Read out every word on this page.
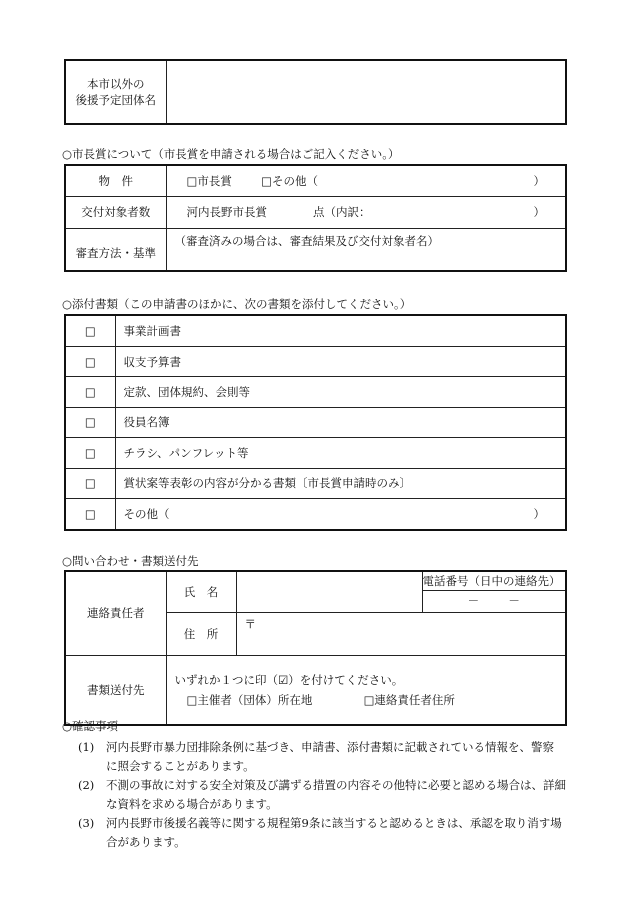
本市以外の
後援予定団体名

○市長賞について（市長賞を申請される場合はご記入ください。）
物　件	□市長賞 □その他（ ）

交付対象者数	河内長野市長賞　　　　点（内訳： ）

審査方法・基準	（審査済みの場合は、審査結果及び交付対象者名）
○添付書類（この申請書のほかに、次の書類を添付してください。）
□	事業計画書
□	収支予算書
□	定款、団体規約、会則等
□	役員名簿
□	チラシ、パンフレット等
□	賞状案等表彰の内容が分かる書類〔市長賞申請時のみ〕
□	その他（ ）
○問い合わせ・書類送付先
連絡責任者	氏　名		電話番号（日中の連絡先）
－ －

	住　所	〒	
書類送付先	いずれか１つに印（☑）を付けてください。
□主催者（団体）所在地 □連絡責任者住所		
○確認事項
(1)	河内長野市暴力団排除条例に基づき、申請書、添付書類に記載されている情報を、警察
に照会することがあります。
(2)	不測の事故に対する安全対策及び講ずる措置の内容その他特に必要と認める場合は、詳細
な資料を求める場合があります。
(3)	河内長野市後援名義等に関する規程第9条に該当すると認めるときは、承認を取り消す場
合があります。
